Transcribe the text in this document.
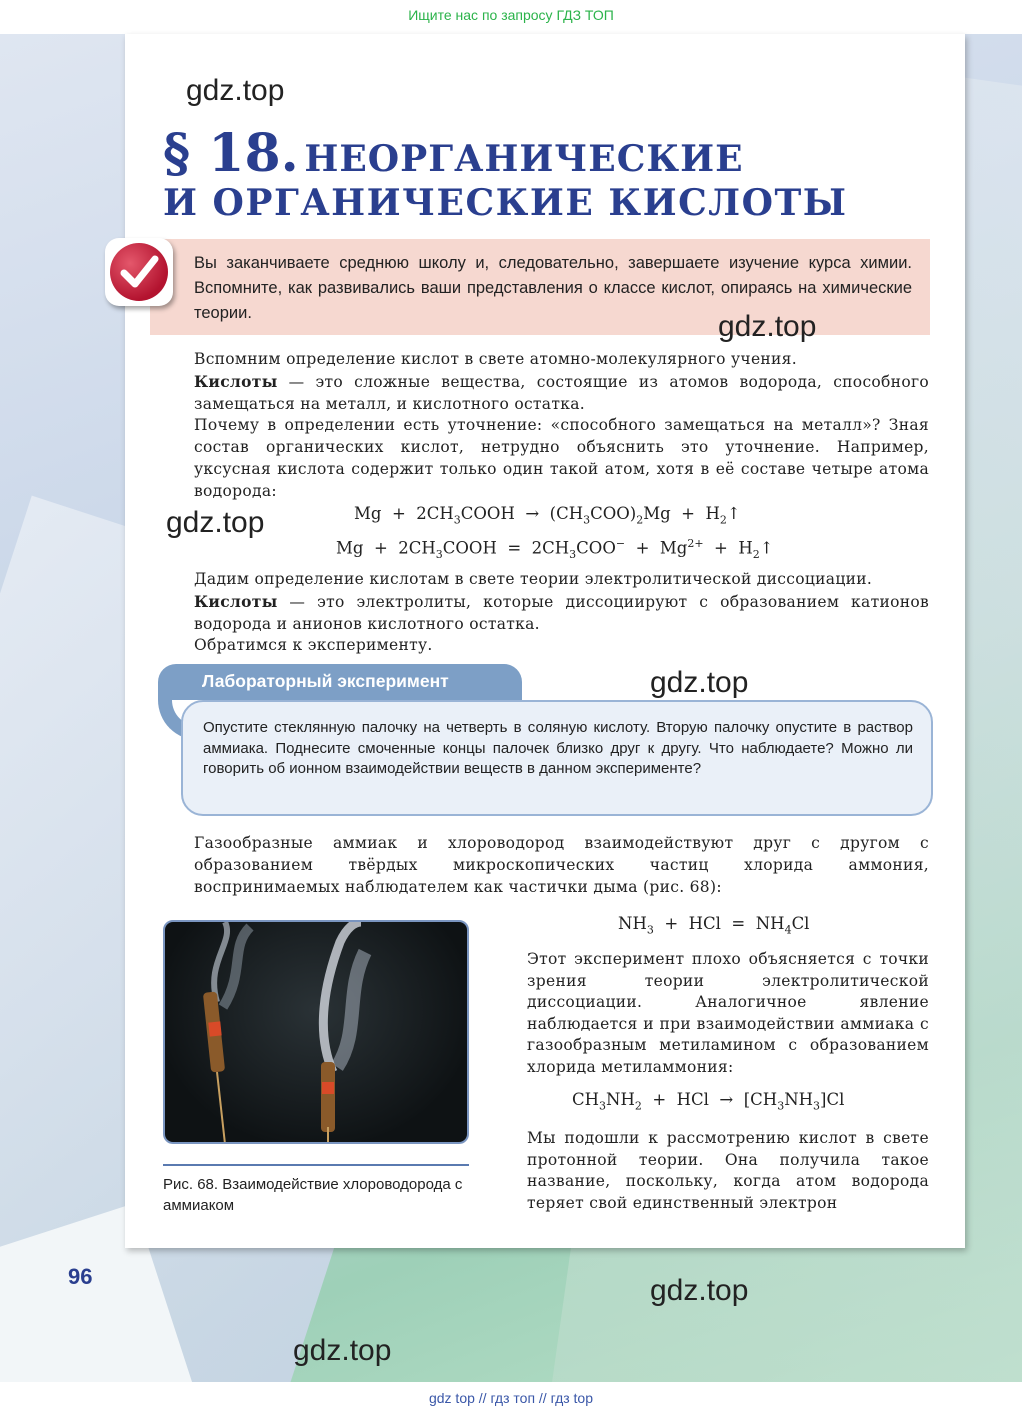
Ищите нас по запросу ГДЗ ТОП
gdz.top
§ 18. НЕОРГАНИЧЕСКИЕ
И ОРГАНИЧЕСКИЕ КИСЛОТЫ

Вы заканчиваете среднюю школу и, следовательно, завершаете изучение курса химии. Вспомните, как развивались ваши представления о классе кислот, опираясь на химические теории.	gdz.top
Вспомним определение кислот в свете атомно-молекулярного учения.
Кислоты — это сложные вещества, состоящие из атомов водорода, способного замещаться на металл, и кислотного остатка.
Почему в определении есть уточнение: «способного замещаться на металл»? Зная состав органических кислот, нетрудно объяснить это уточнение. Например, уксусная кислота содержит только один такой атом, хотя в её составе четыре атома водорода:
gdz.top	$Mg + 2CH_3COOH \to (CH_3COO)_2Mg$  +  $H_2↑$
$Mg + 2CH_3COOH = 2CH_3COO^- + Mg^{2+}$  +  $H_2↑$
Дадим определение кислотам в свете теории электролитической диссоциации.
Кислоты — это электролиты, которые диссоциируют с образованием катионов водорода и анионов кислотного остатка.
Обратимся к эксперименту.
Лабораторный эксперимент	gdz.top

Опустите стеклянную палочку на четверть в соляную кислоту. Вторую палочку опустите в раствор аммиака. Поднесите смоченные концы палочек близко друг к другу. Что наблюдаете? Можно ли говорить об ионном взаимодействии веществ в данном эксперименте?

Газообразные аммиак и хлороводород взаимодействуют друг с другом с образованием твёрдых микроскопических частиц хлорида аммония, воспринимаемых наблюдателем как частички дыма (рис. 68):
Рис. 68. Взаимодействие хлороводорода с аммиаком
$NH_3$  +  HCl  =  $NH_4Cl$
Этот эксперимент плохо объясняется с точки зрения теории электролитической диссоциации. Аналогичное явление наблюдается и при взаимодействии аммиака с газообразным метиламином с образованием хлорида метиламмония:
$CH_3NH_2$  +  HCl  →  $[CH_3NH_3]Cl$
Мы подошли к рассмотрению кислот в свете протонной теории. Она получила такое название, поскольку, когда атом водорода теряет свой единственный электрон
96	gdz.top
gdz.top
gdz top // гдз топ // гдз top
